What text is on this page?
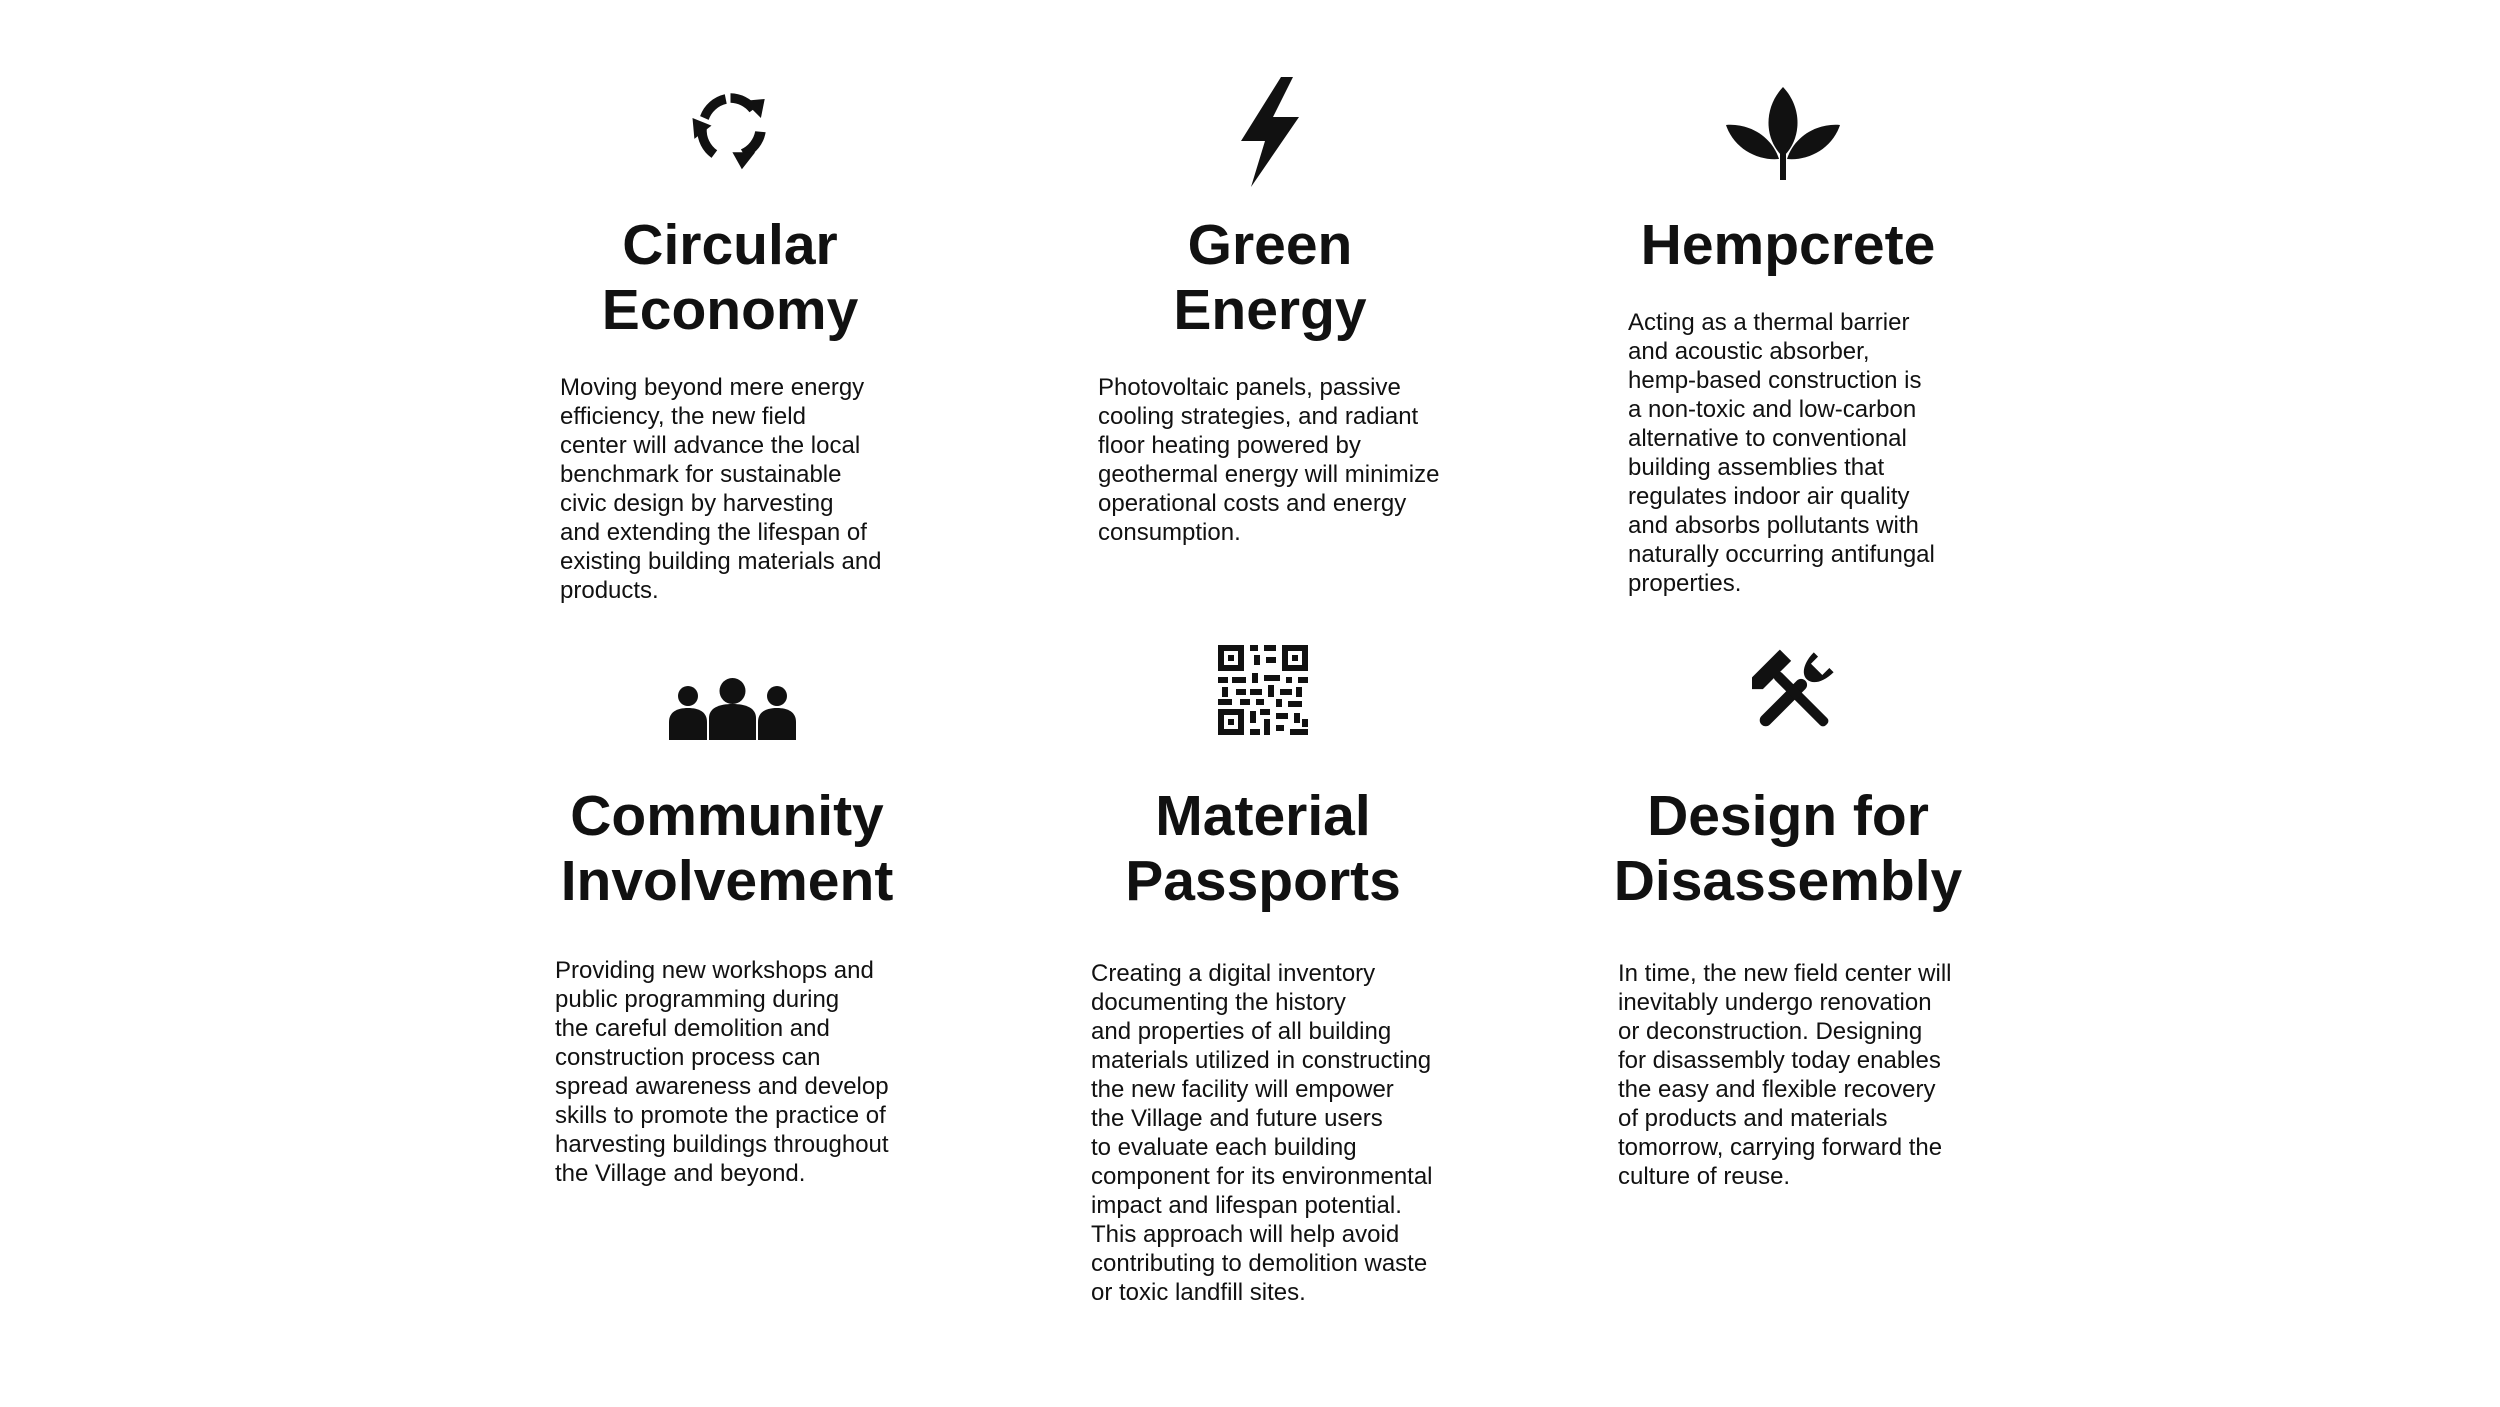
Circular
Economy

Moving beyond mere energy
efficiency, the new field
center will advance the local
benchmark for sustainable
civic design by harvesting
and extending the lifespan of
existing building materials and
products.

Green
Energy

Photovoltaic panels, passive
cooling strategies, and radiant
floor heating powered by
geothermal energy will minimize
operational costs and energy
consumption.

Hempcrete

Acting as a thermal barrier
and acoustic absorber,
hemp-based construction is
a non-toxic and low-carbon
alternative to conventional
building assemblies that
regulates indoor air quality
and absorbs pollutants with
naturally occurring antifungal
properties.

Community
Involvement

Providing new workshops and
public programming during
the careful demolition and
construction process can
spread awareness and develop
skills to promote the practice of
harvesting buildings throughout
the Village and beyond.

Material
Passports

Creating a digital inventory
documenting the history
and properties of all building
materials utilized in constructing
the new facility will empower
the Village and future users
to evaluate each building
component for its environmental
impact and lifespan potential.
This approach will help avoid
contributing to demolition waste
or toxic landfill sites.

Design for
Disassembly

In time, the new field center will
inevitably undergo renovation
or deconstruction. Designing
for disassembly today enables
the easy and flexible recovery
of products and materials
tomorrow, carrying forward the
culture of reuse.
